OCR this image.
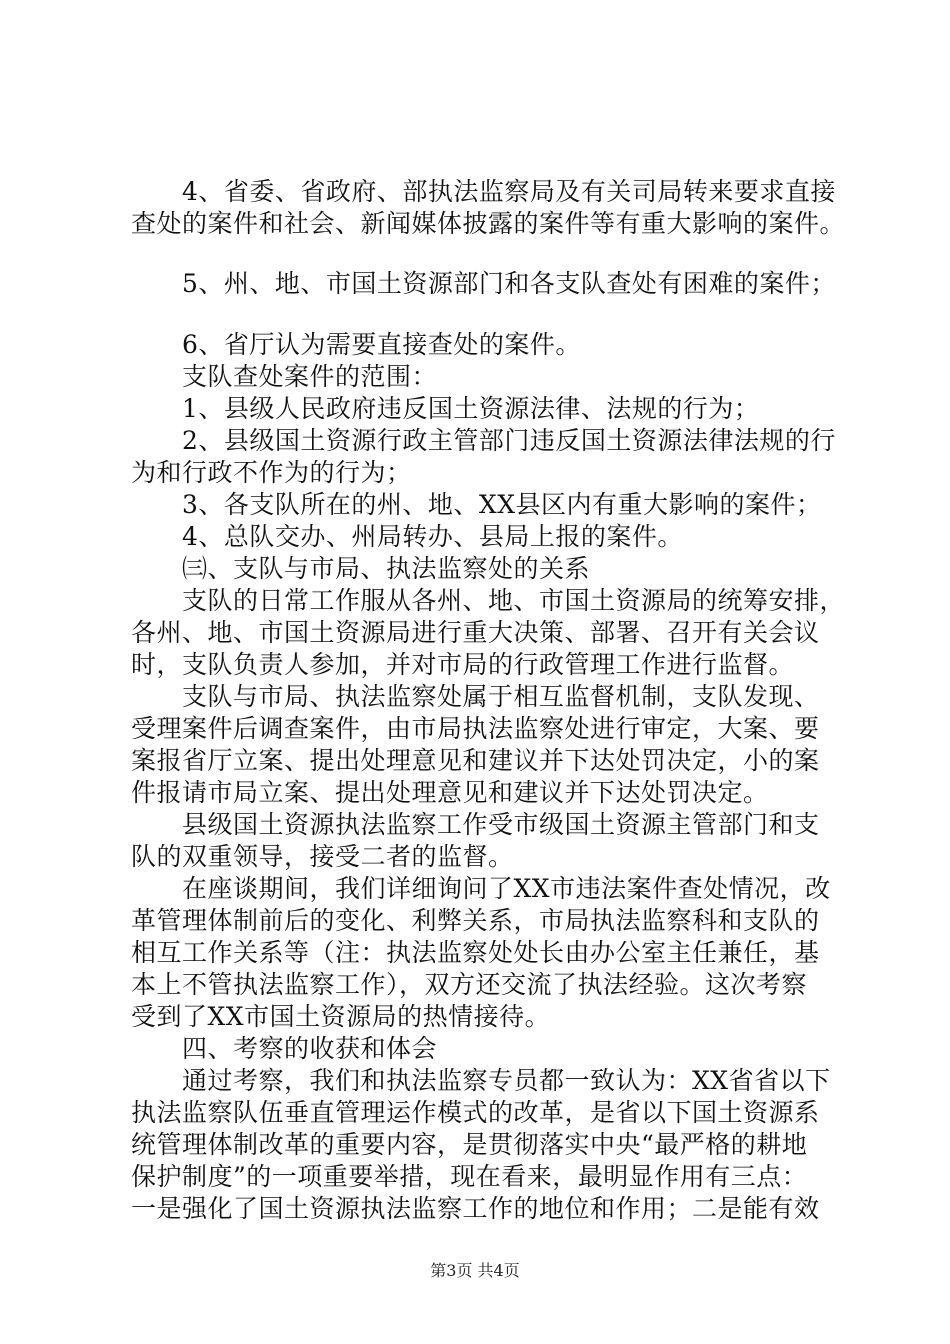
　　4、省委、省政府、部执法监察局及有关司局转来要求直接
查处的案件和社会、新闻媒体披露的案件等有重大影响的案件。
　　5、州、地、市国土资源部门和各支队查处有困难的案件；
　　6、省厅认为需要直接查处的案件。
　　支队查处案件的范围：
　　1、县级人民政府违反国土资源法律、法规的行为；
　　2、县级国土资源行政主管部门违反国土资源法律法规的行
为和行政不作为的行为；
　　3、各支队所在的州、地、XX县区内有重大影响的案件；
　　4、总队交办、州局转办、县局上报的案件。
　　㈢、支队与市局、执法监察处的关系
　　支队的日常工作服从各州、地、市国土资源局的统筹安排，
各州、地、市国土资源局进行重大决策、部署、召开有关会议
时，支队负责人参加，并对市局的行政管理工作进行监督。
　　支队与市局、执法监察处属于相互监督机制，支队发现、
受理案件后调查案件，由市局执法监察处进行审定，大案、要
案报省厅立案、提出处理意见和建议并下达处罚决定，小的案
件报请市局立案、提出处理意见和建议并下达处罚决定。
　　县级国土资源执法监察工作受市级国土资源主管部门和支
队的双重领导，接受二者的监督。
　　在座谈期间，我们详细询问了XX市违法案件查处情况，改
革管理体制前后的变化、利弊关系，市局执法监察科和支队的
相互工作关系等（注：执法监察处处长由办公室主任兼任，基
本上不管执法监察工作），双方还交流了执法经验。这次考察
受到了XX市国土资源局的热情接待。
　　四、考察的收获和体会
　　通过考察，我们和执法监察专员都一致认为：XX省省以下
执法监察队伍垂直管理运作模式的改革，是省以下国土资源系
统管理体制改革的重要内容，是贯彻落实中央“最严格的耕地
保护制度”的一项重要举措，现在看来，最明显作用有三点：
一是强化了国土资源执法监察工作的地位和作用；二是能有效
第3页 共4页
